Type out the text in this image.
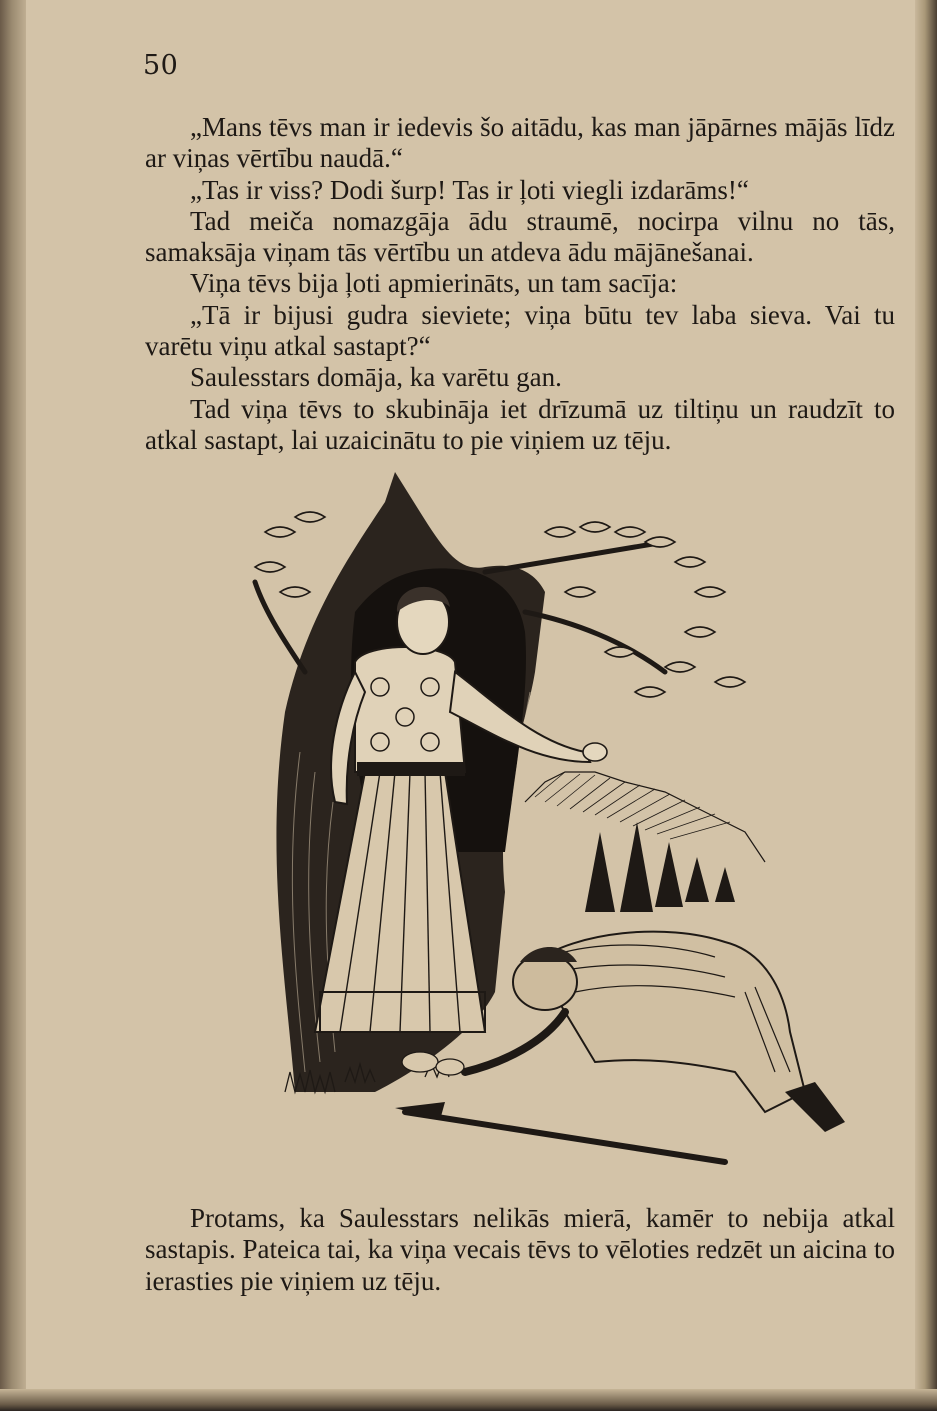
50

„Mans tēvs man ir iedevis šo aitādu, kas man jāpārnes mājās līdz ar viņas vērtību naudā.“

„Tas ir viss? Dodi šurp! Tas ir ļoti viegli izdarāms!“

Tad meiča nomazgāja ādu straumē, nocirpa vilnu no tās, samaksāja viņam tās vērtību un atdeva ādu mājānešanai.

Viņa tēvs bija ļoti apmierināts, un tam sacīja:

„Tā ir bijusi gudra sieviete; viņa būtu tev laba sieva. Vai tu varētu viņu atkal sastapt?“

Saulesstars domāja, ka varētu gan.

Tad viņa tēvs to skubināja iet drīzumā uz tiltiņu un raudzīt to atkal sastapt, lai uzaicinātu to pie viņiem uz tēju.

Protams, ka Saulesstars nelikās mierā, kamēr to nebija atkal sastapis. Pateica tai, ka viņa vecais tēvs to vēloties redzēt un aicina to ierasties pie viņiem uz tēju.
